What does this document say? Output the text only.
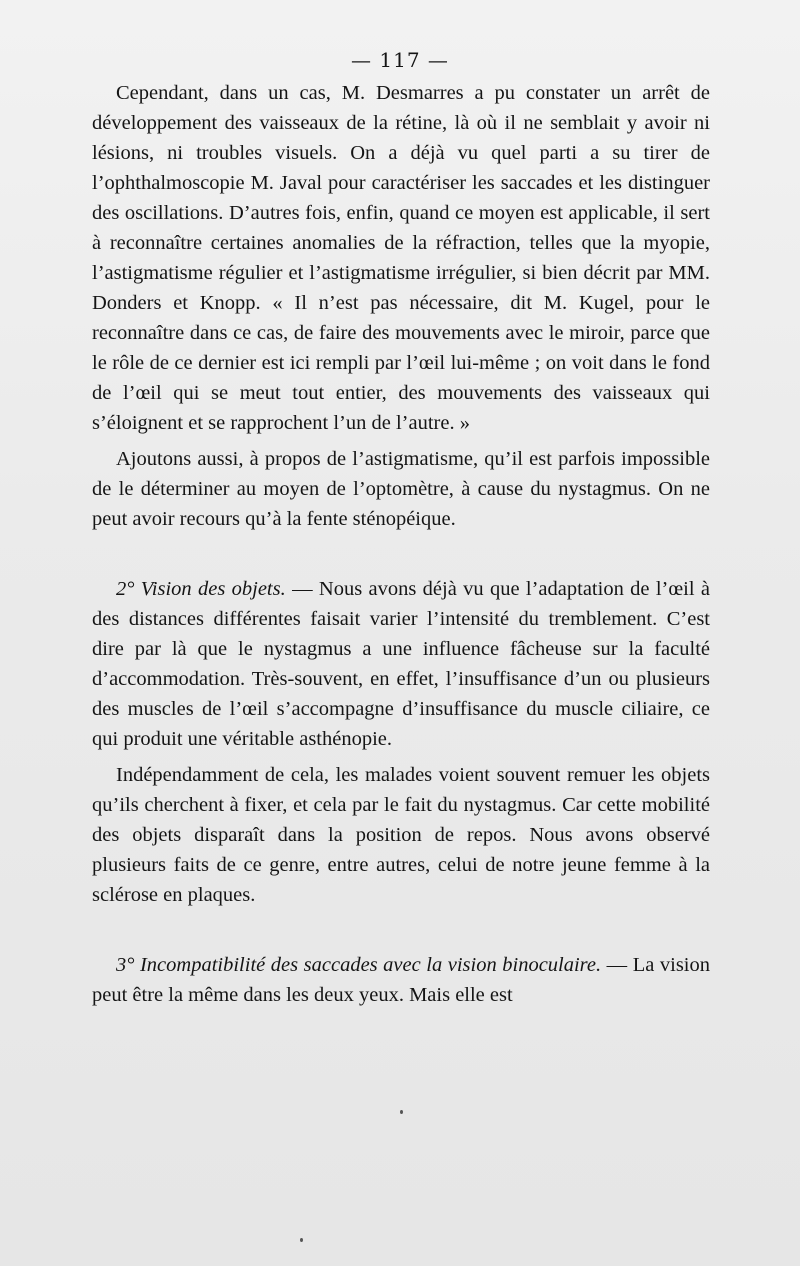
— 117 —

Cependant, dans un cas, M. Desmarres a pu constater un arrêt de développement des vaisseaux de la rétine, là où il ne semblait y avoir ni lésions, ni troubles visuels. On a déjà vu quel parti a su tirer de l’ophthalmoscopie M. Javal pour caractériser les saccades et les distinguer des oscillations. D’autres fois, enfin, quand ce moyen est applicable, il sert à reconnaître certaines anomalies de la réfraction, telles que la myopie, l’astigmatisme régulier et l’astigmatisme irrégulier, si bien décrit par MM. Donders et Knopp. « Il n’est pas nécessaire, dit M. Kugel, pour le reconnaître dans ce cas, de faire des mouvements avec le miroir, parce que le rôle de ce dernier est ici rempli par l’œil lui-même ; on voit dans le fond de l’œil qui se meut tout entier, des mouvements des vaisseaux qui s’éloignent et se rapprochent l’un de l’autre. »

Ajoutons aussi, à propos de l’astigmatisme, qu’il est parfois impossible de le déterminer au moyen de l’optomètre, à cause du nystagmus. On ne peut avoir recours qu’à la fente sténopéique.

2° Vision des objets. — Nous avons déjà vu que l’adaptation de l’œil à des distances différentes faisait varier l’intensité du tremblement. C’est dire par là que le nystagmus a une influence fâcheuse sur la faculté d’accommodation. Très-souvent, en effet, l’insuffisance d’un ou plusieurs des muscles de l’œil s’accompagne d’insuffisance du muscle ciliaire, ce qui produit une véritable asthénopie.

Indépendamment de cela, les malades voient souvent remuer les objets qu’ils cherchent à fixer, et cela par le fait du nystagmus. Car cette mobilité des objets disparaît dans la position de repos. Nous avons observé plusieurs faits de ce genre, entre autres, celui de notre jeune femme à la sclérose en plaques.

3° Incompatibilité des saccades avec la vision binoculaire. — La vision peut être la même dans les deux yeux. Mais elle est
